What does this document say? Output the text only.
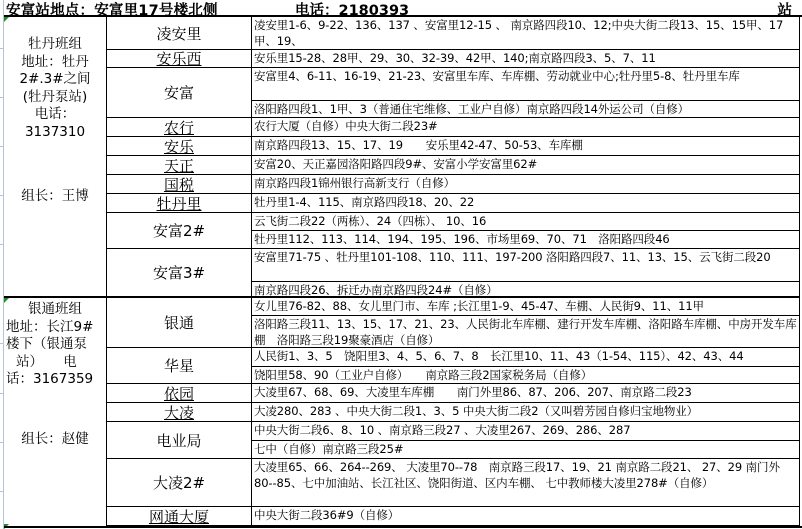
安富站地点：安富里17号楼北侧	电话：2180393	站
牡丹班组
地址：牡丹
2#.3#之间
(牡丹泵站)
电话：
3137310
组长：王博
银通班组
地址：长江9#
楼下（银通泵
站）　　电
话：3167359
组长：赵健
凌安里
安乐西
安富
农行
安乐
天正
国税
牡丹里
安富2#
安富3#
银通
华星
依园
大凌
电业局
大凌2#
网通大厦
凌安里1-6、9-22、136、137 、安富里12-15 、 南京路四段10、12;中央大街二段13、15、15甲、17甲、19、
安乐里15-28、28甲、29、30、32-39、42甲、140;南京路四段3、5、7、11
安富里4、6-11、16-19、21-23、安富里车库、车库棚、劳动就业中心;牡丹里5-8、牡丹里车库
洛阳路四段1、1甲、3（普通住宅维修、工业户自修）南京路四段14外运公司（自修）
农行大厦（自修）中央大街二段23#
南京路四段13、15、17、19　　安乐里42-47、50-53、车库棚
安富20、天正嘉园洛阳路四段9#、安富小学安富里62#
南京路四段1锦州银行高新支行（自修）
牡丹里1-4、115、南京路四段18、20、22
云飞街二段22（两栋）、24（四栋）、 10、16
牡丹里112、113、114、194、195、196、市场里69、70、71　洛阳路四段46
安富里71-75 、牡丹里101-108、110、111、197-200 洛阳路四段7、11、13、15、云飞街二段20
南京路四段26、拆迁办南京路四段24#（自修）
女儿里76-82、88、女儿里门市、车库 ;长江里1-9、45-47、车棚、人民街9、11、11甲
洛阳路三段11、13、15、17、21、23、人民街北车库棚、建行开发车库棚、洛阳路车库棚、中房开发车库棚　洛阳路三段19聚豪酒店（自修）
人民街1、3、5　饶阳里3、4、5、6、7、8　长江里10、11、43（1-54、115）、42、43、44
饶阳里58、90（工业户自修）　　南京路三段2国家税务局（自修）
大凌里67、68、69、大凌里车库棚　　南门外里86、87、206、207、南京路二段23
大凌280、283 、中央大街二段1、3、5 中央大街二段2（又叫碧芳园自修归宝地物业）
中央大街二段6、8、10 、南京路三段27 、大凌里267、269、286、287
七中（自修）南京路三段25#
大凌里65、66、264--269、 大凌里70--78　南京路三段17、19、21 南京路二段21、 27、29 南门外80--85、七中加油站、长江社区、饶阳街道、区内车棚、 七中教师楼大凌里278#（自修）
中央大街二段36#9（自修）
